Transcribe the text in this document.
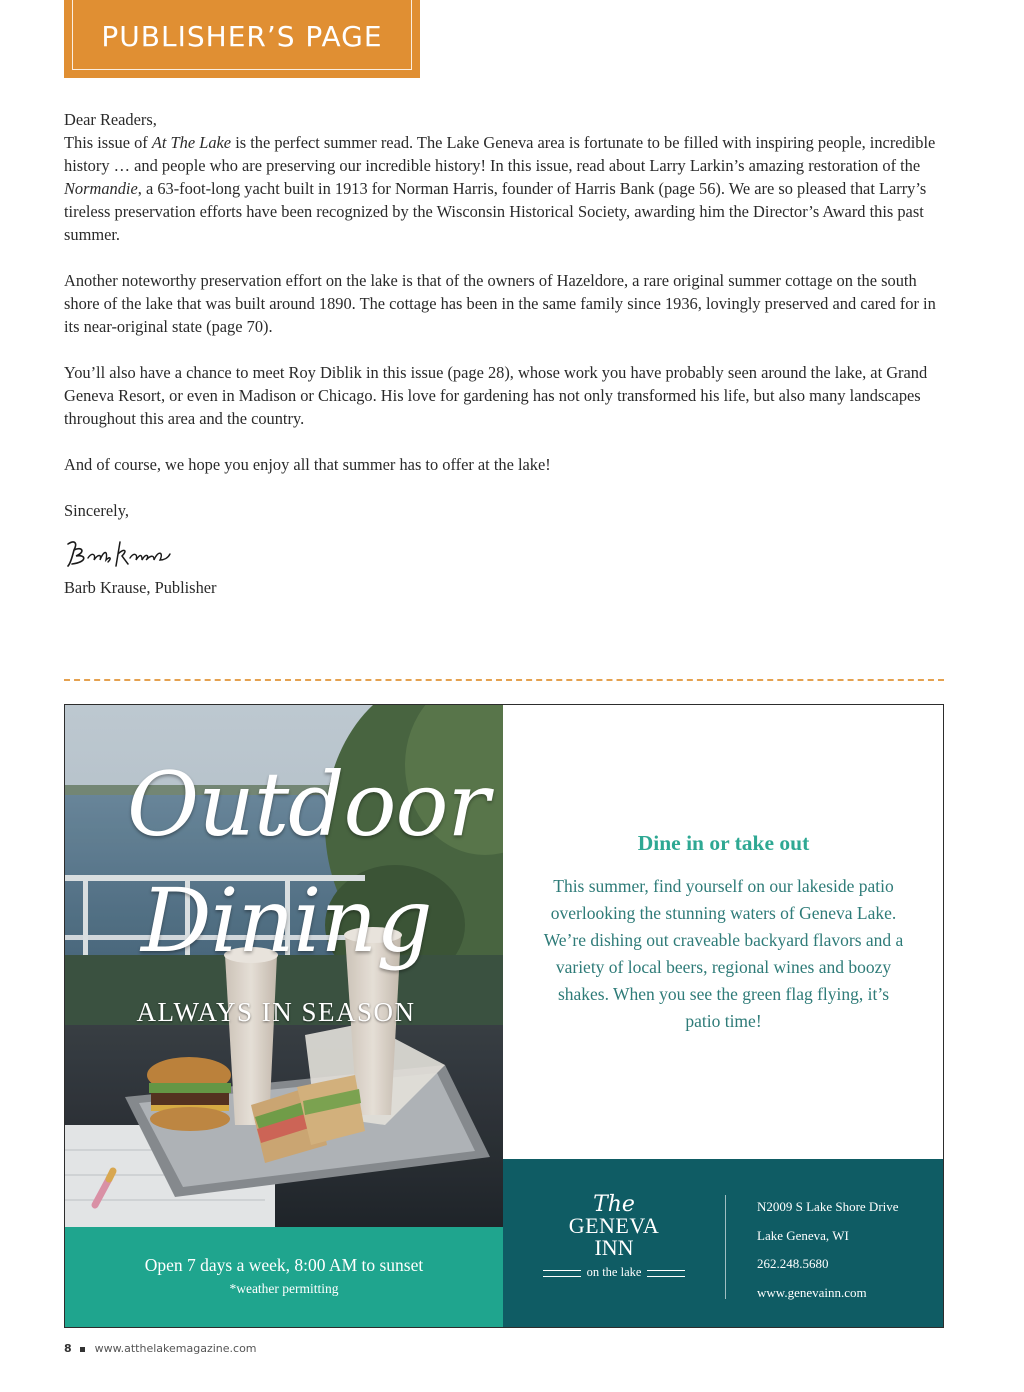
PUBLISHER’S PAGE

Dear Readers,

This issue of At The Lake is the perfect summer read. The Lake Geneva area is fortunate to be filled with inspiring people, incredible history … and people who are preserving our incredible history! In this issue, read about Larry Larkin’s amazing restoration of the Normandie, a 63-foot-long yacht built in 1913 for Norman Harris, founder of Harris Bank (page 56). We are so pleased that Larry’s tireless preservation efforts have been recognized by the Wisconsin Historical Society, awarding him the Director’s Award this past summer.

Another noteworthy preservation effort on the lake is that of the owners of Hazeldore, a rare original summer cottage on the south shore of the lake that was built around 1890. The cottage has been in the same family since 1936, lovingly preserved and cared for in its near-original state (page 70).

You’ll also have a chance to meet Roy Diblik in this issue (page 28), whose work you have probably seen around the lake, at Grand Geneva Resort, or even in Madison or Chicago. His love for gardening has not only transformed his life, but also many landscapes throughout this area and the country.

And of course, we hope you enjoy all that summer has to offer at the lake!

Sincerely,

Barb Krause, Publisher

Outdoor
Dining
ALWAYS IN SEASON
Open 7 days a week, 8:00 AM to sunset
*weather permitting
Dine in or take out
This summer, find yourself on our lakeside patio overlooking the stunning waters of Geneva Lake. We’re dishing out craveable backyard flavors and a variety of local beers, regional wines and boozy shakes. When you see the green flag flying, it’s patio time!
The
GENEVA
INN
on the lake
N2009 S Lake Shore Drive
Lake Geneva, WI
262.248.5680
www.genevainn.com
8 www.atthelakemagazine.com
